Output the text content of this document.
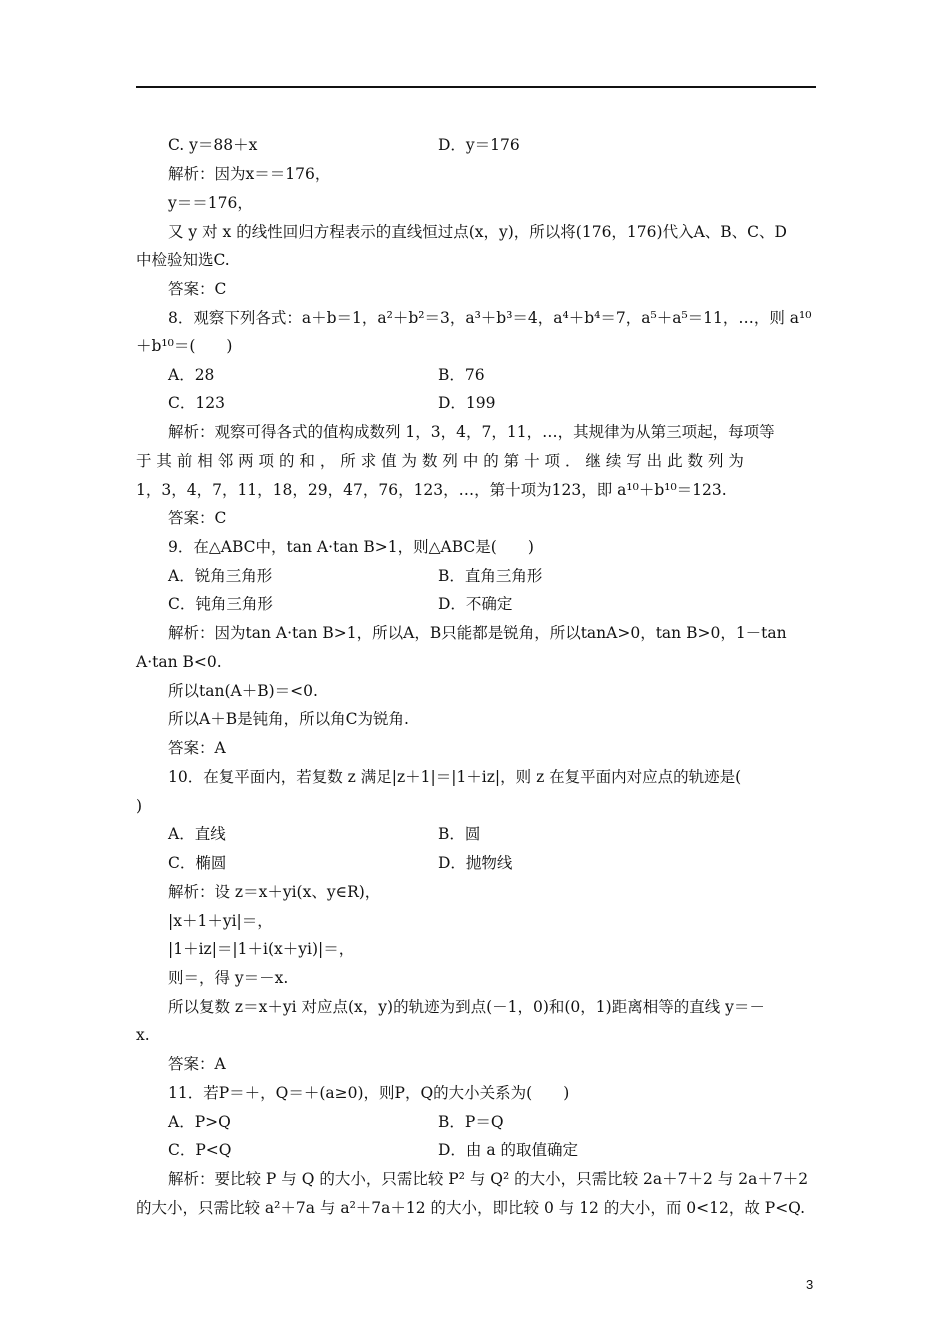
C. y＝88＋x
解析：因为x＝＝176，
y＝＝176，
又 y 对 x 的线性回归方程表示的直线恒过点(x，y)，所以将(176，176)代入A、B、C、D
中检验知选C.
答案：C
8．观察下列各式：a＋b＝1，a²＋b²＝3，a³＋b³＝4，a⁴＋b⁴＝7，a⁵＋a⁵＝11，…，则 a¹⁰
＋b¹⁰＝(　　)
A．28
C．123
解析：观察可得各式的值构成数列 1，3，4，7，11，…，其规律为从第三项起，每项等
于 其 前 相 邻 两 项 的 和 ， 所 求 值 为 数 列 中 的 第 十 项 ． 继 续 写 出 此 数 列 为
1，3，4，7，11，18，29，47，76，123，…，第十项为123，即 a¹⁰＋b¹⁰＝123.
答案：C
9．在△ABC中，tan A·tan B>1，则△ABC是(　　)
A．锐角三角形
C．钝角三角形
解析：因为tan A·tan B>1，所以A，B只能都是锐角，所以tanA>0，tan B>0，1－tan
A·tan B<0.
所以tan(A＋B)＝<0.
所以A＋B是钝角，所以角C为锐角.
答案：A
10．在复平面内，若复数 z 满足|z＋1|＝|1＋iz|，则 z 在复平面内对应点的轨迹是(
)
A．直线
C．椭圆
解析：设 z＝x＋yi(x、y∈R)，
|x＋1＋yi|＝，
|1＋iz|＝|1＋i(x＋yi)|＝，
则＝，得 y＝－x.
所以复数 z＝x＋yi 对应点(x，y)的轨迹为到点(－1，0)和(0，1)距离相等的直线 y＝－
x.
答案：A
11．若P＝＋，Q＝＋(a≥0)，则P，Q的大小关系为(　　)
A．P>Q
C．P<Q
解析：要比较 P 与 Q 的大小，只需比较 P² 与 Q² 的大小，只需比较 2a＋7＋2 与 2a＋7＋2
的大小，只需比较 a²＋7a 与 a²＋7a＋12 的大小，即比较 0 与 12 的大小，而 0<12，故 P<Q.
D．y＝176
B．76
D．199
B．直角三角形
D．不确定
B．圆
D．抛物线
B．P＝Q
D．由 a 的取值确定
3
